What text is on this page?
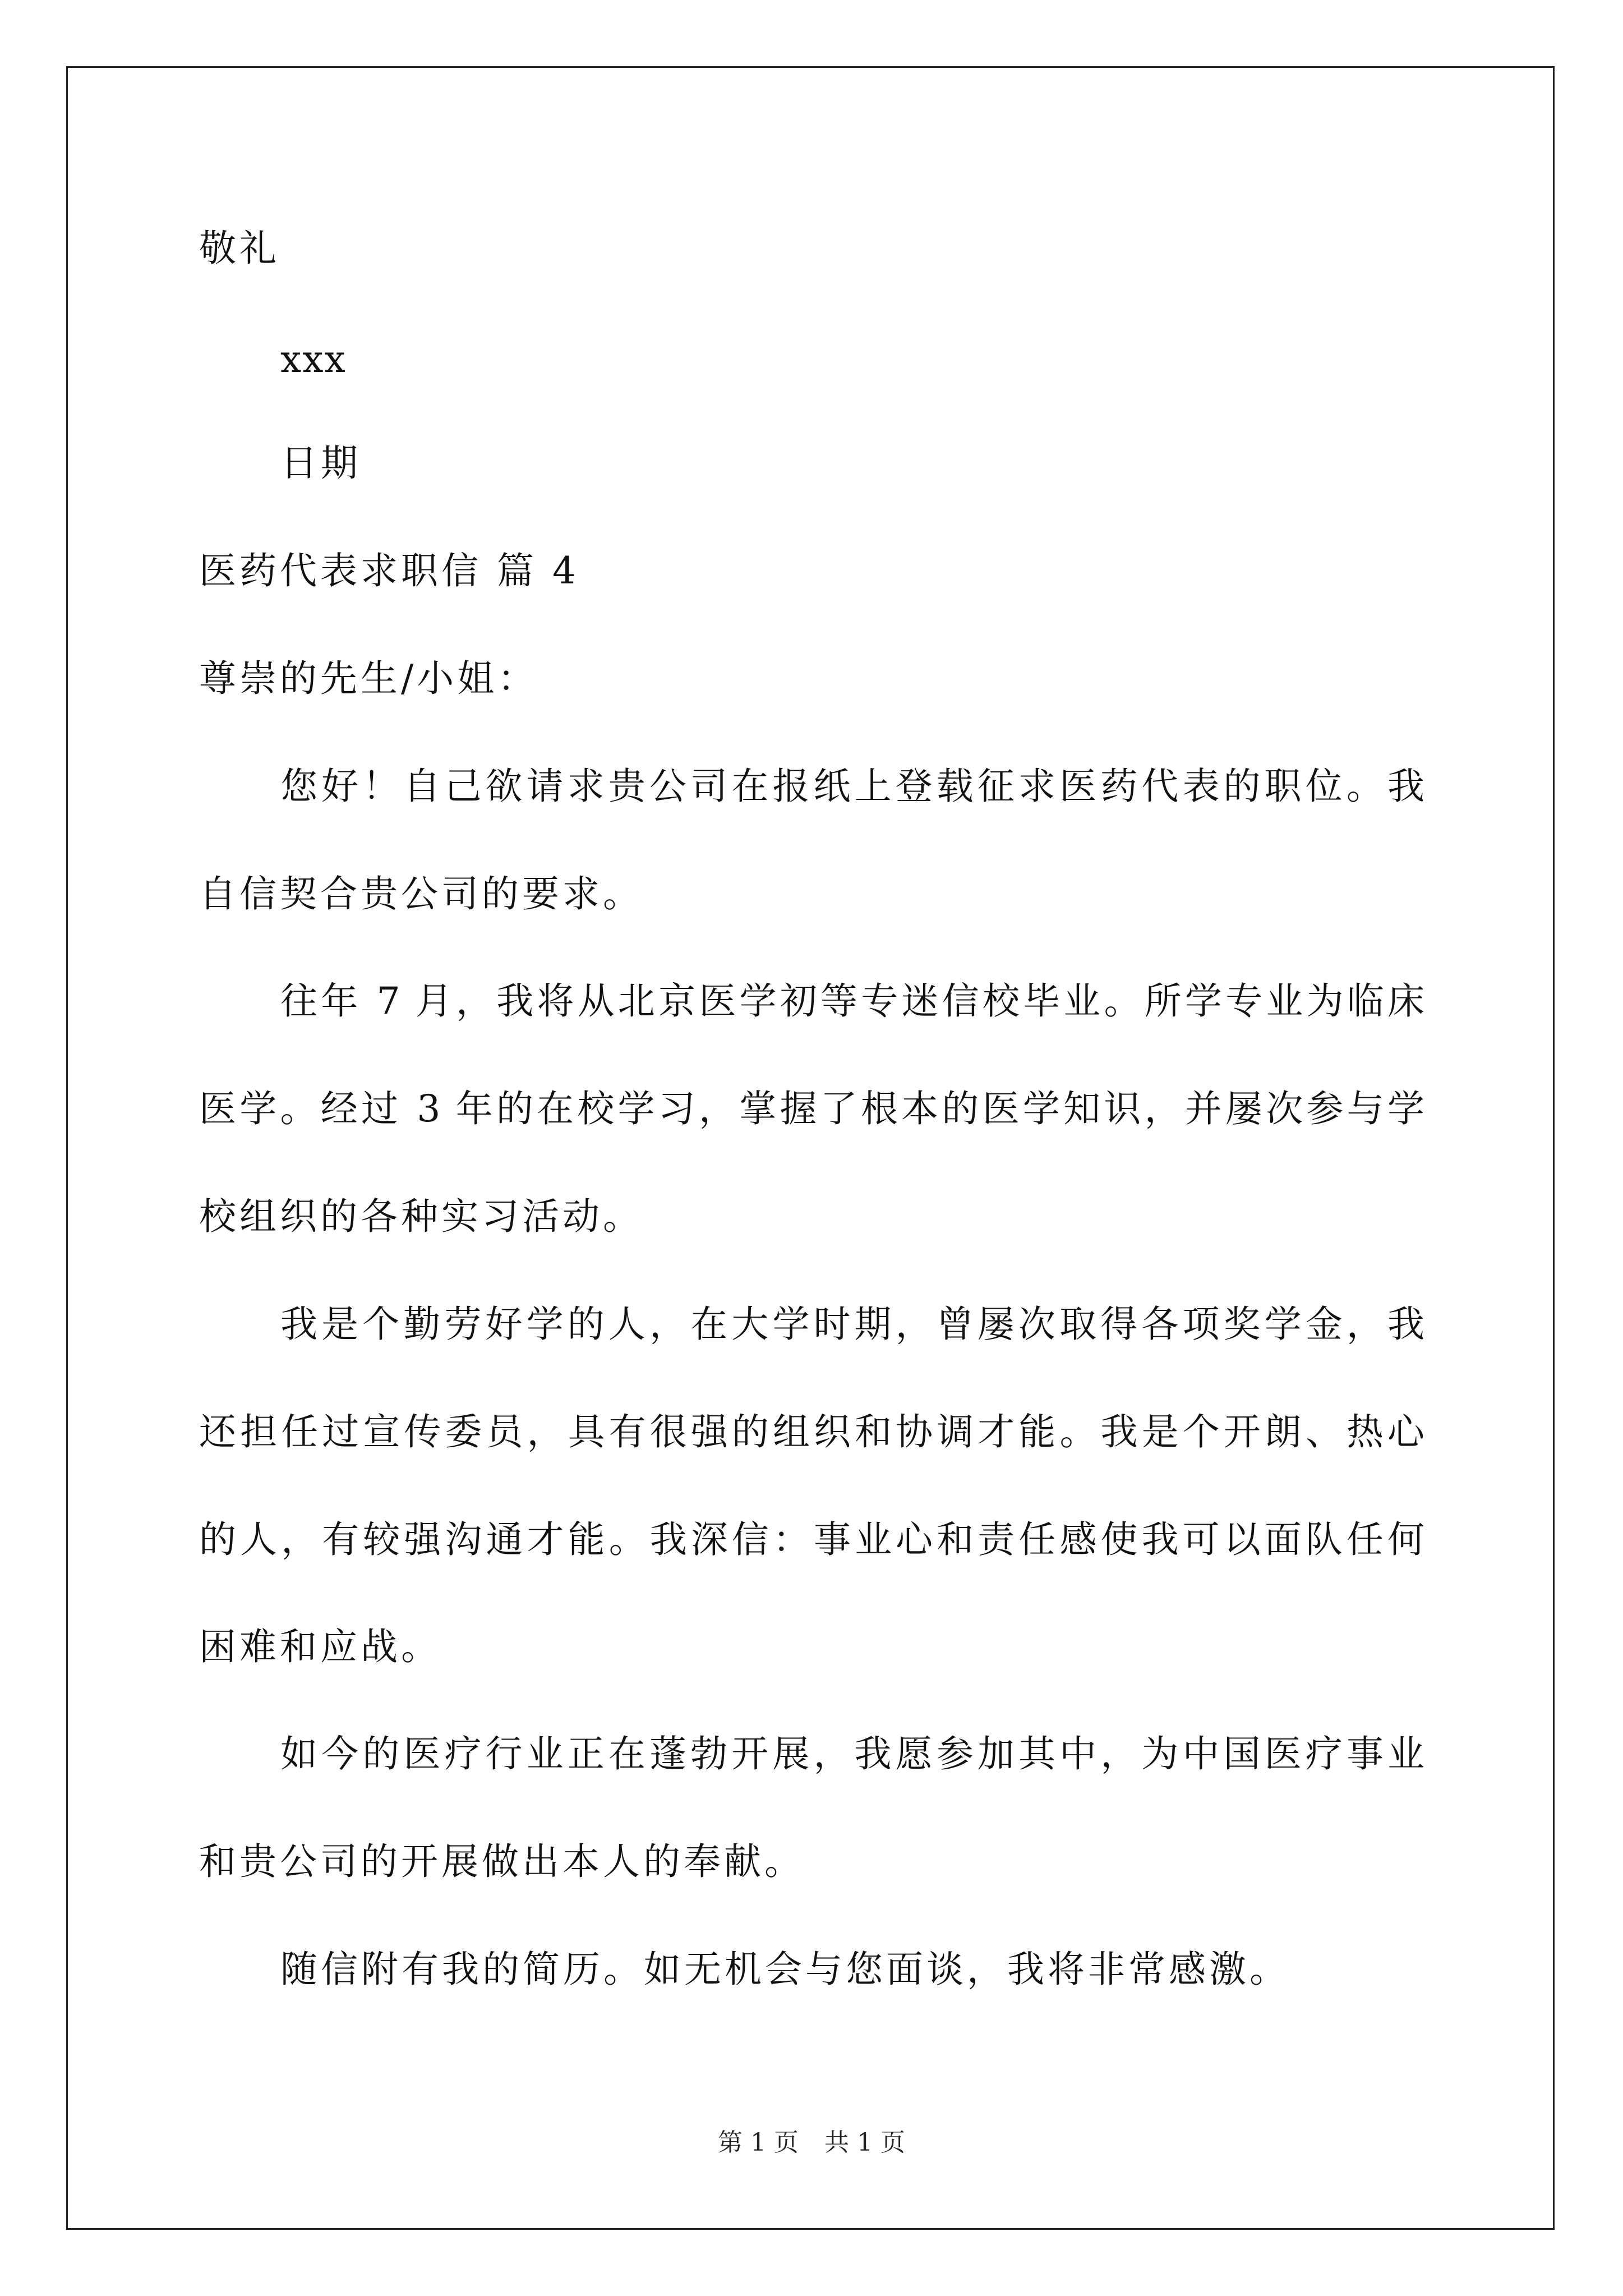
敬礼
xxx
日期
医药代表求职信 篇 4
尊崇的先生/小姐：
您好！自己欲请求贵公司在报纸上登载征求医药代表的职位。我
自信契合贵公司的要求。
往年 7 月，我将从北京医学初等专迷信校毕业。所学专业为临床
医学。经过 3 年的在校学习，掌握了根本的医学知识，并屡次参与学
校组织的各种实习活动。
我是个勤劳好学的人，在大学时期，曾屡次取得各项奖学金，我
还担任过宣传委员，具有很强的组织和协调才能。我是个开朗、热心
的人，有较强沟通才能。我深信：事业心和责任感使我可以面队任何
困难和应战。
如今的医疗行业正在蓬勃开展，我愿参加其中，为中国医疗事业
和贵公司的开展做出本人的奉献。
随信附有我的简历。如无机会与您面谈，我将非常感激。
第 1 页 共 1 页
